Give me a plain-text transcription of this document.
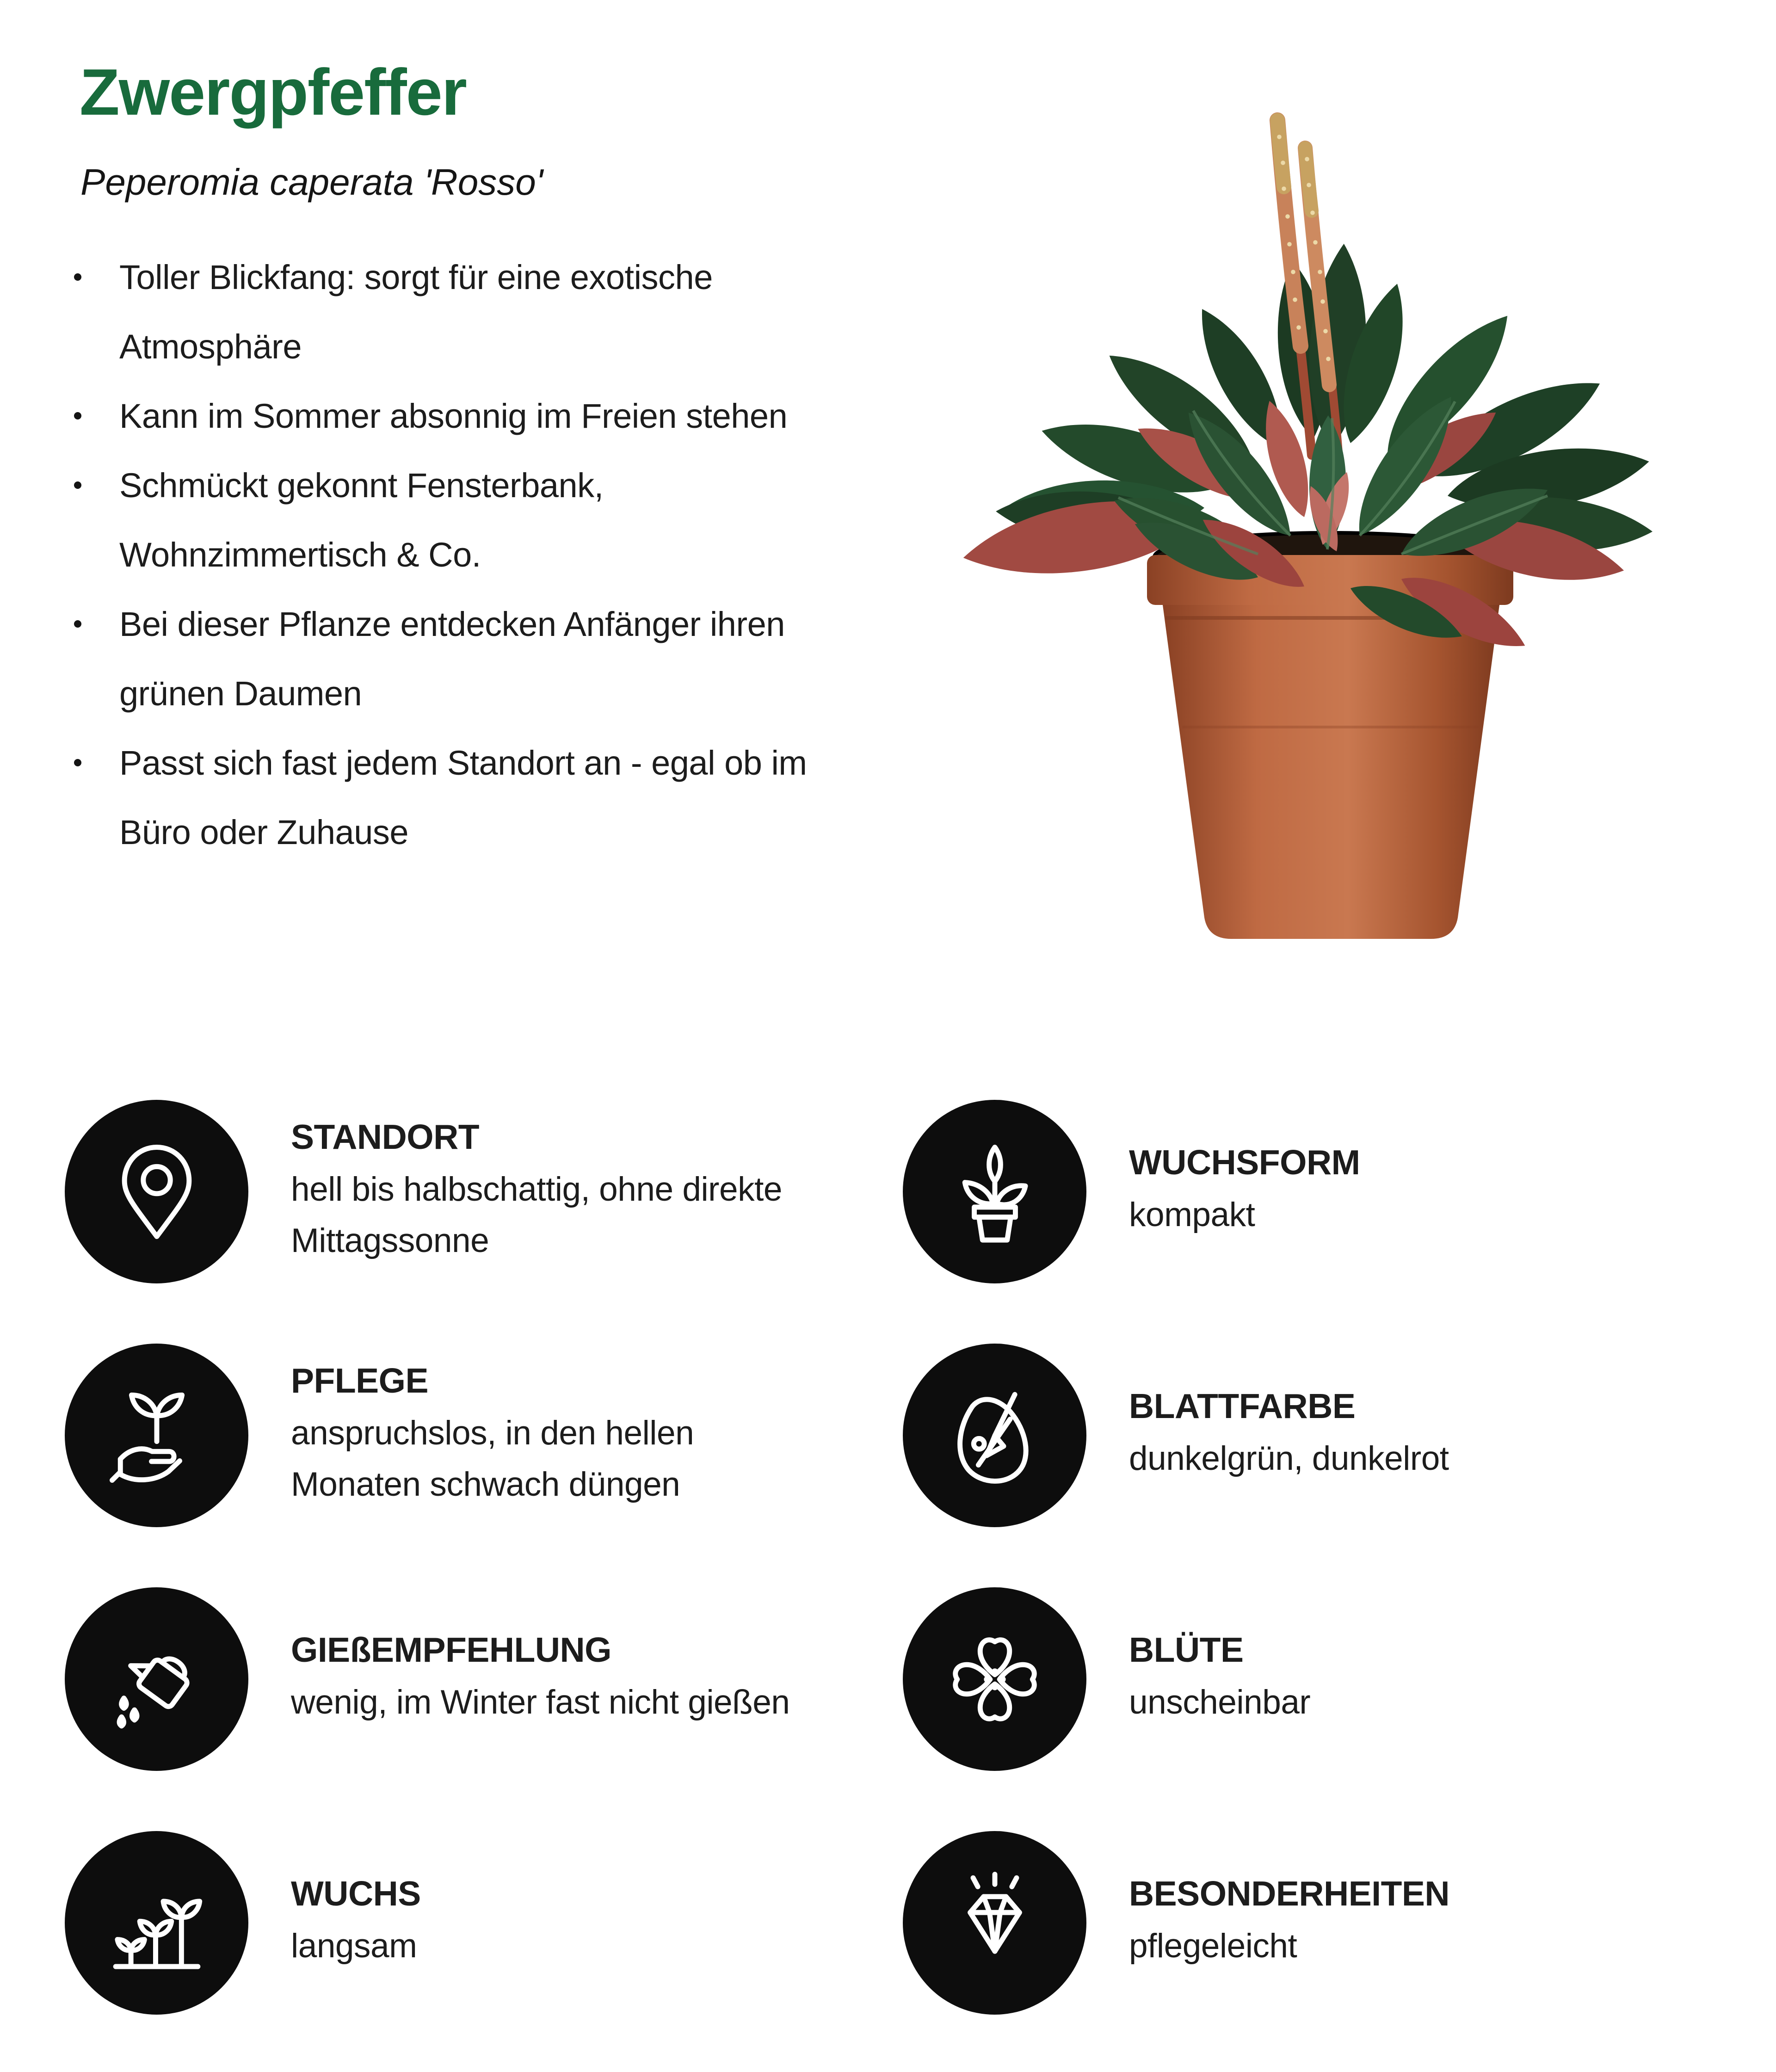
Zwergpfeffer

Peperomia caperata 'Rosso'

Toller Blickfang: sorgt für eine exotische Atmosphäre
Kann im Sommer absonnig im Freien stehen
Schmückt gekonnt Fensterbank, Wohnzimmertisch & Co.
Bei dieser Pflanze entdecken Anfänger ihren grünen Daumen
Passt sich fast jedem Standort an - egal ob im Büro oder Zuhause
STANDORT
hell bis halbschattig, ohne direkte Mittagssonne
WUCHSFORM
kompakt
PFLEGE
anspruchslos, in den hellen Monaten schwach düngen
BLATTFARBE
dunkelgrün, dunkelrot
GIEßEMPFEHLUNG
wenig, im Winter fast nicht gießen
BLÜTE
unscheinbar
WUCHS
langsam
BESONDERHEITEN
pflegeleicht
